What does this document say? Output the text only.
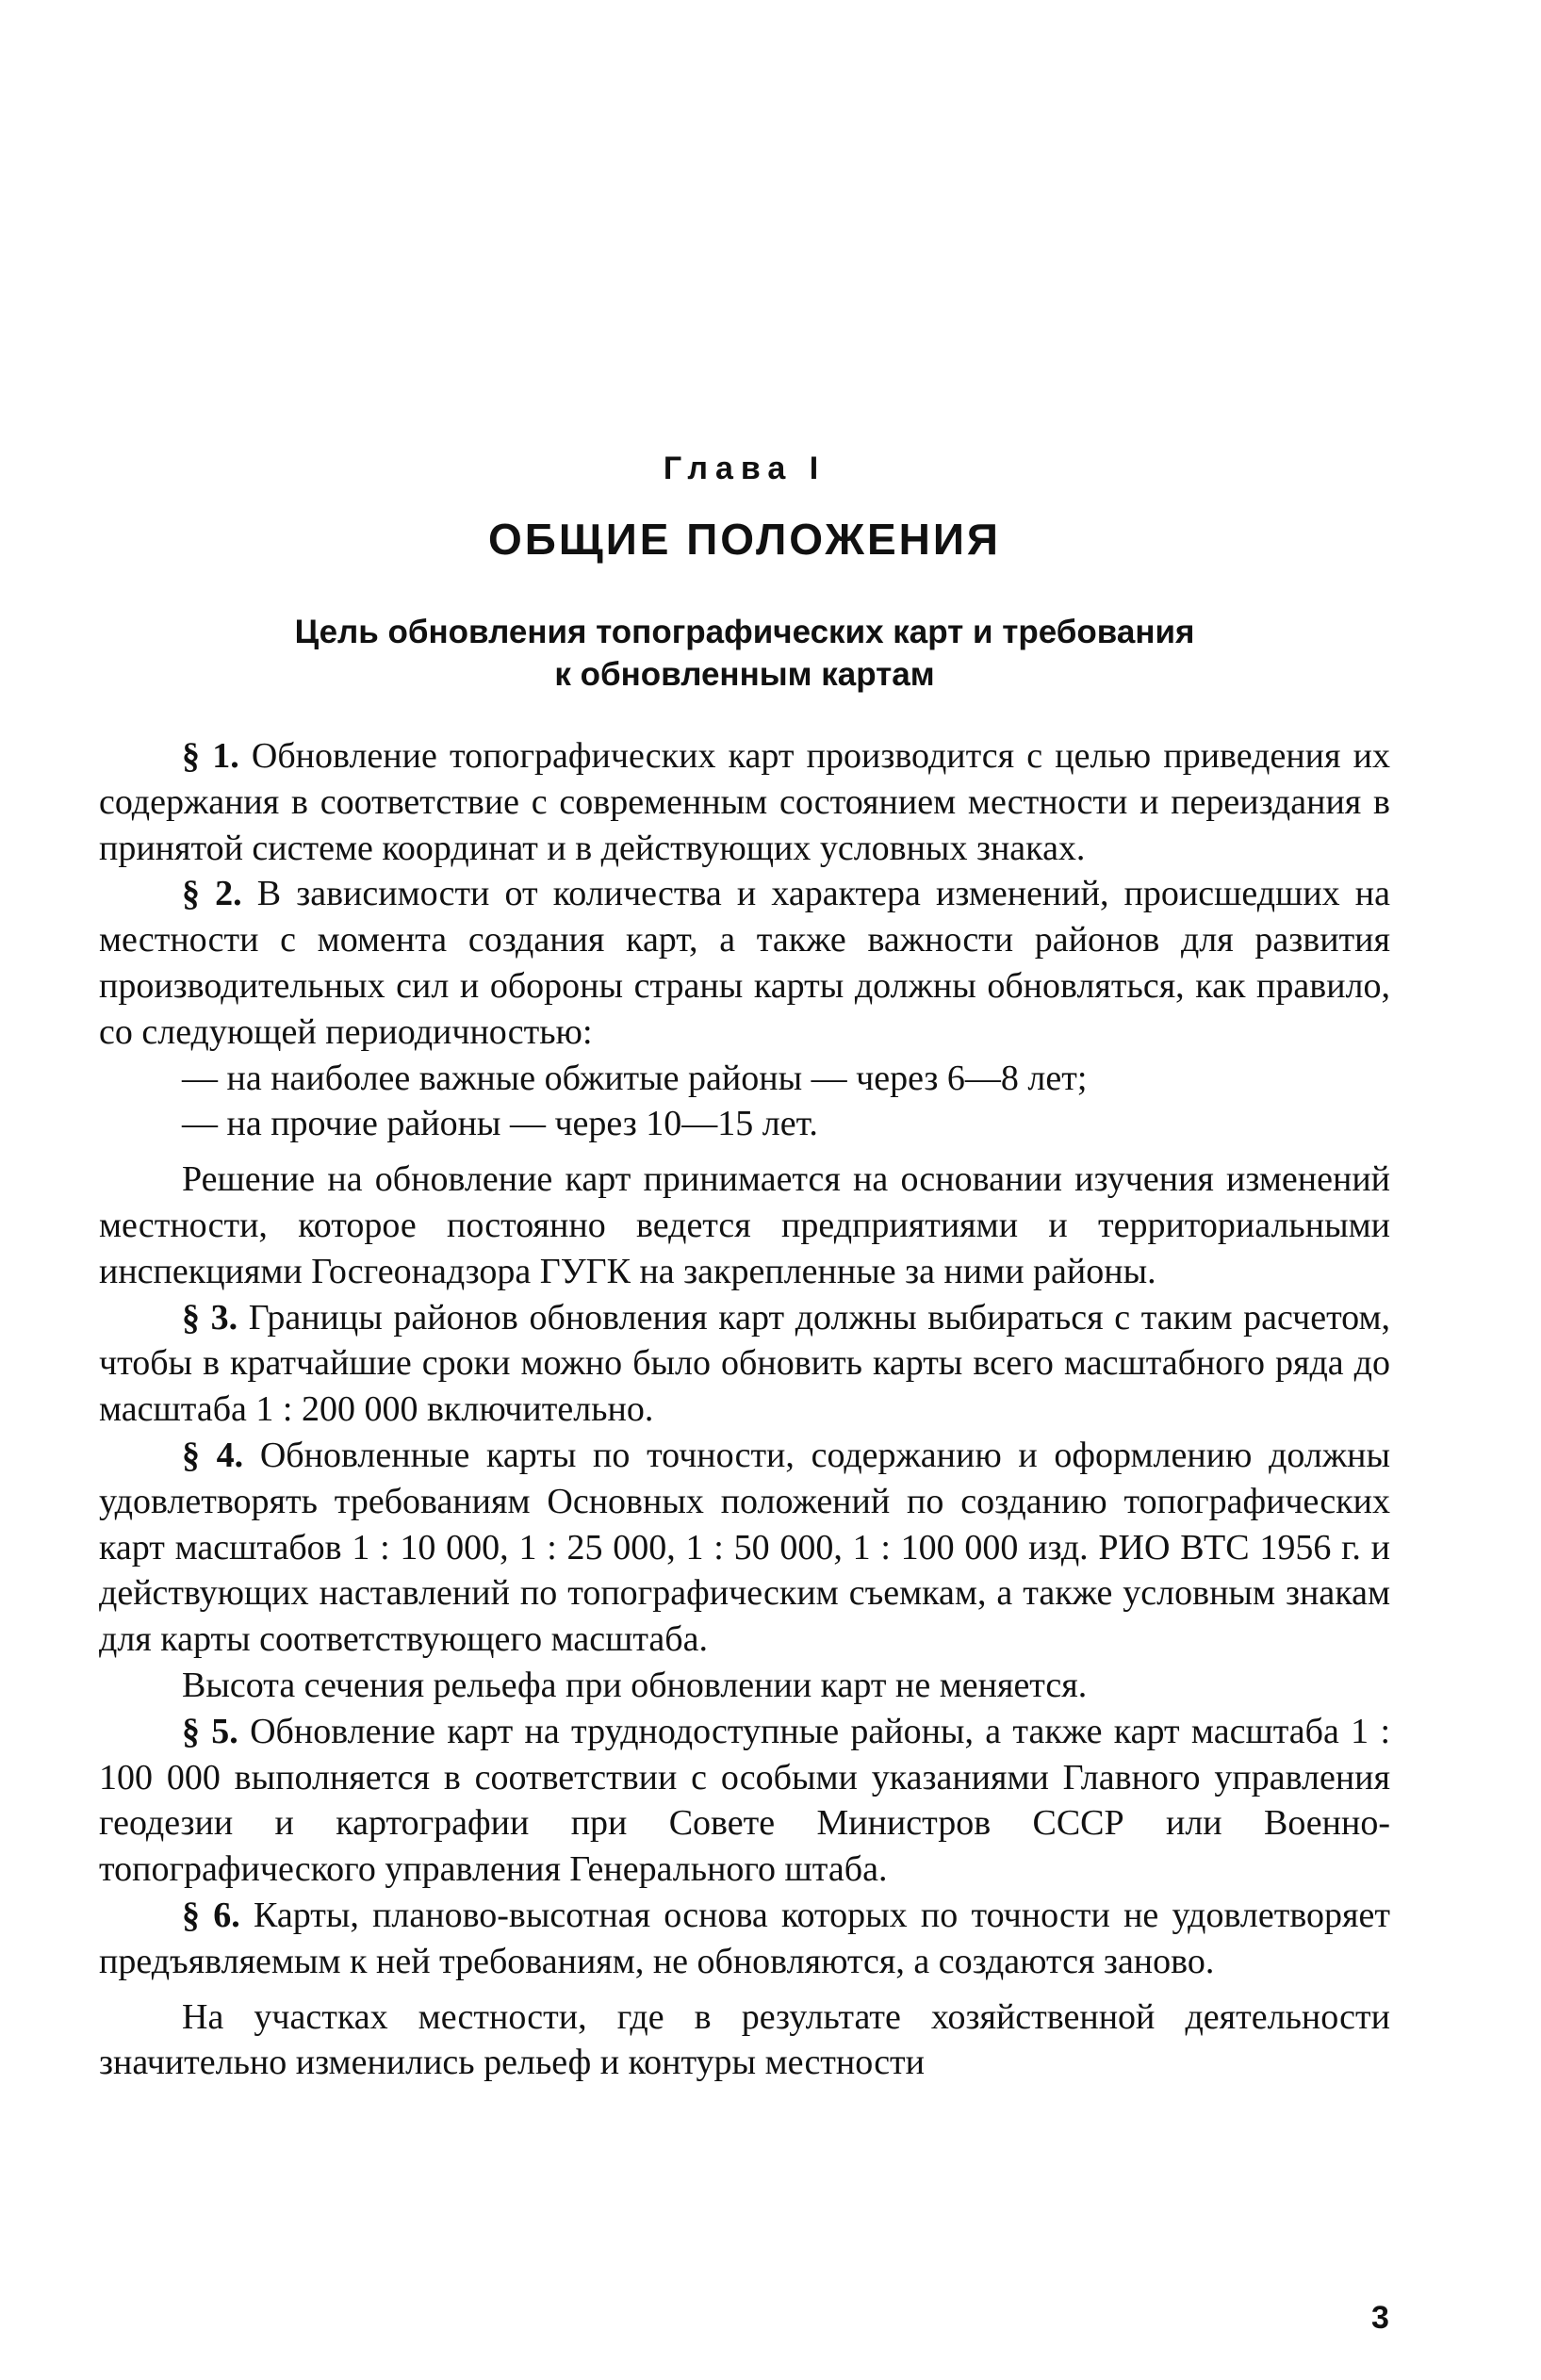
Глава I
ОБЩИЕ ПОЛОЖЕНИЯ
Цель обновления топографических карт и требования
к обновленным картам

§ 1. Обновление топографических карт производится с целью приведения их содержания в соответствие с современным состоянием местности и переиздания в принятой системе координат и в действующих условных знаках.

§ 2. В зависимости от количества и характера изменений, происшедших на местности с момента создания карт, а также важности районов для развития производительных сил и обороны страны карты должны обновляться, как правило, со следующей периодичностью:

— на наиболее важные обжитые районы — через 6—8 лет;

— на прочие районы — через 10—15 лет.

Решение на обновление карт принимается на основании изучения изменений местности, которое постоянно ведется предприятиями и территориальными инспекциями Госгеонадзора ГУГК на закрепленные за ними районы.

§ 3. Границы районов обновления карт должны выбираться с таким расчетом, чтобы в кратчайшие сроки можно было обновить карты всего масштабного ряда до масштаба 1 : 200 000 включительно.

§ 4. Обновленные карты по точности, содержанию и оформлению должны удовлетворять требованиям Основных положений по созданию топографических карт масштабов 1 : 10 000, 1 : 25 000, 1 : 50 000, 1 : 100 000 изд. РИО ВТС 1956 г. и действующих наставлений по топографическим съемкам, а также условным знакам для карты соответствующего масштаба.

Высота сечения рельефа при обновлении карт не меняется.

§ 5. Обновление карт на труднодоступные районы, а также карт масштаба 1 : 100 000 выполняется в соответствии с особыми указаниями Главного управления геодезии и картографии при Совете Министров СССР или Военно-топографического управления Генерального штаба.

§ 6. Карты, планово-высотная основа которых по точности не удовлетворяет предъявляемым к ней требованиям, не обновляются, а создаются заново.

На участках местности, где в результате хозяйственной деятельности значительно изменились рельеф и контуры местности

3
